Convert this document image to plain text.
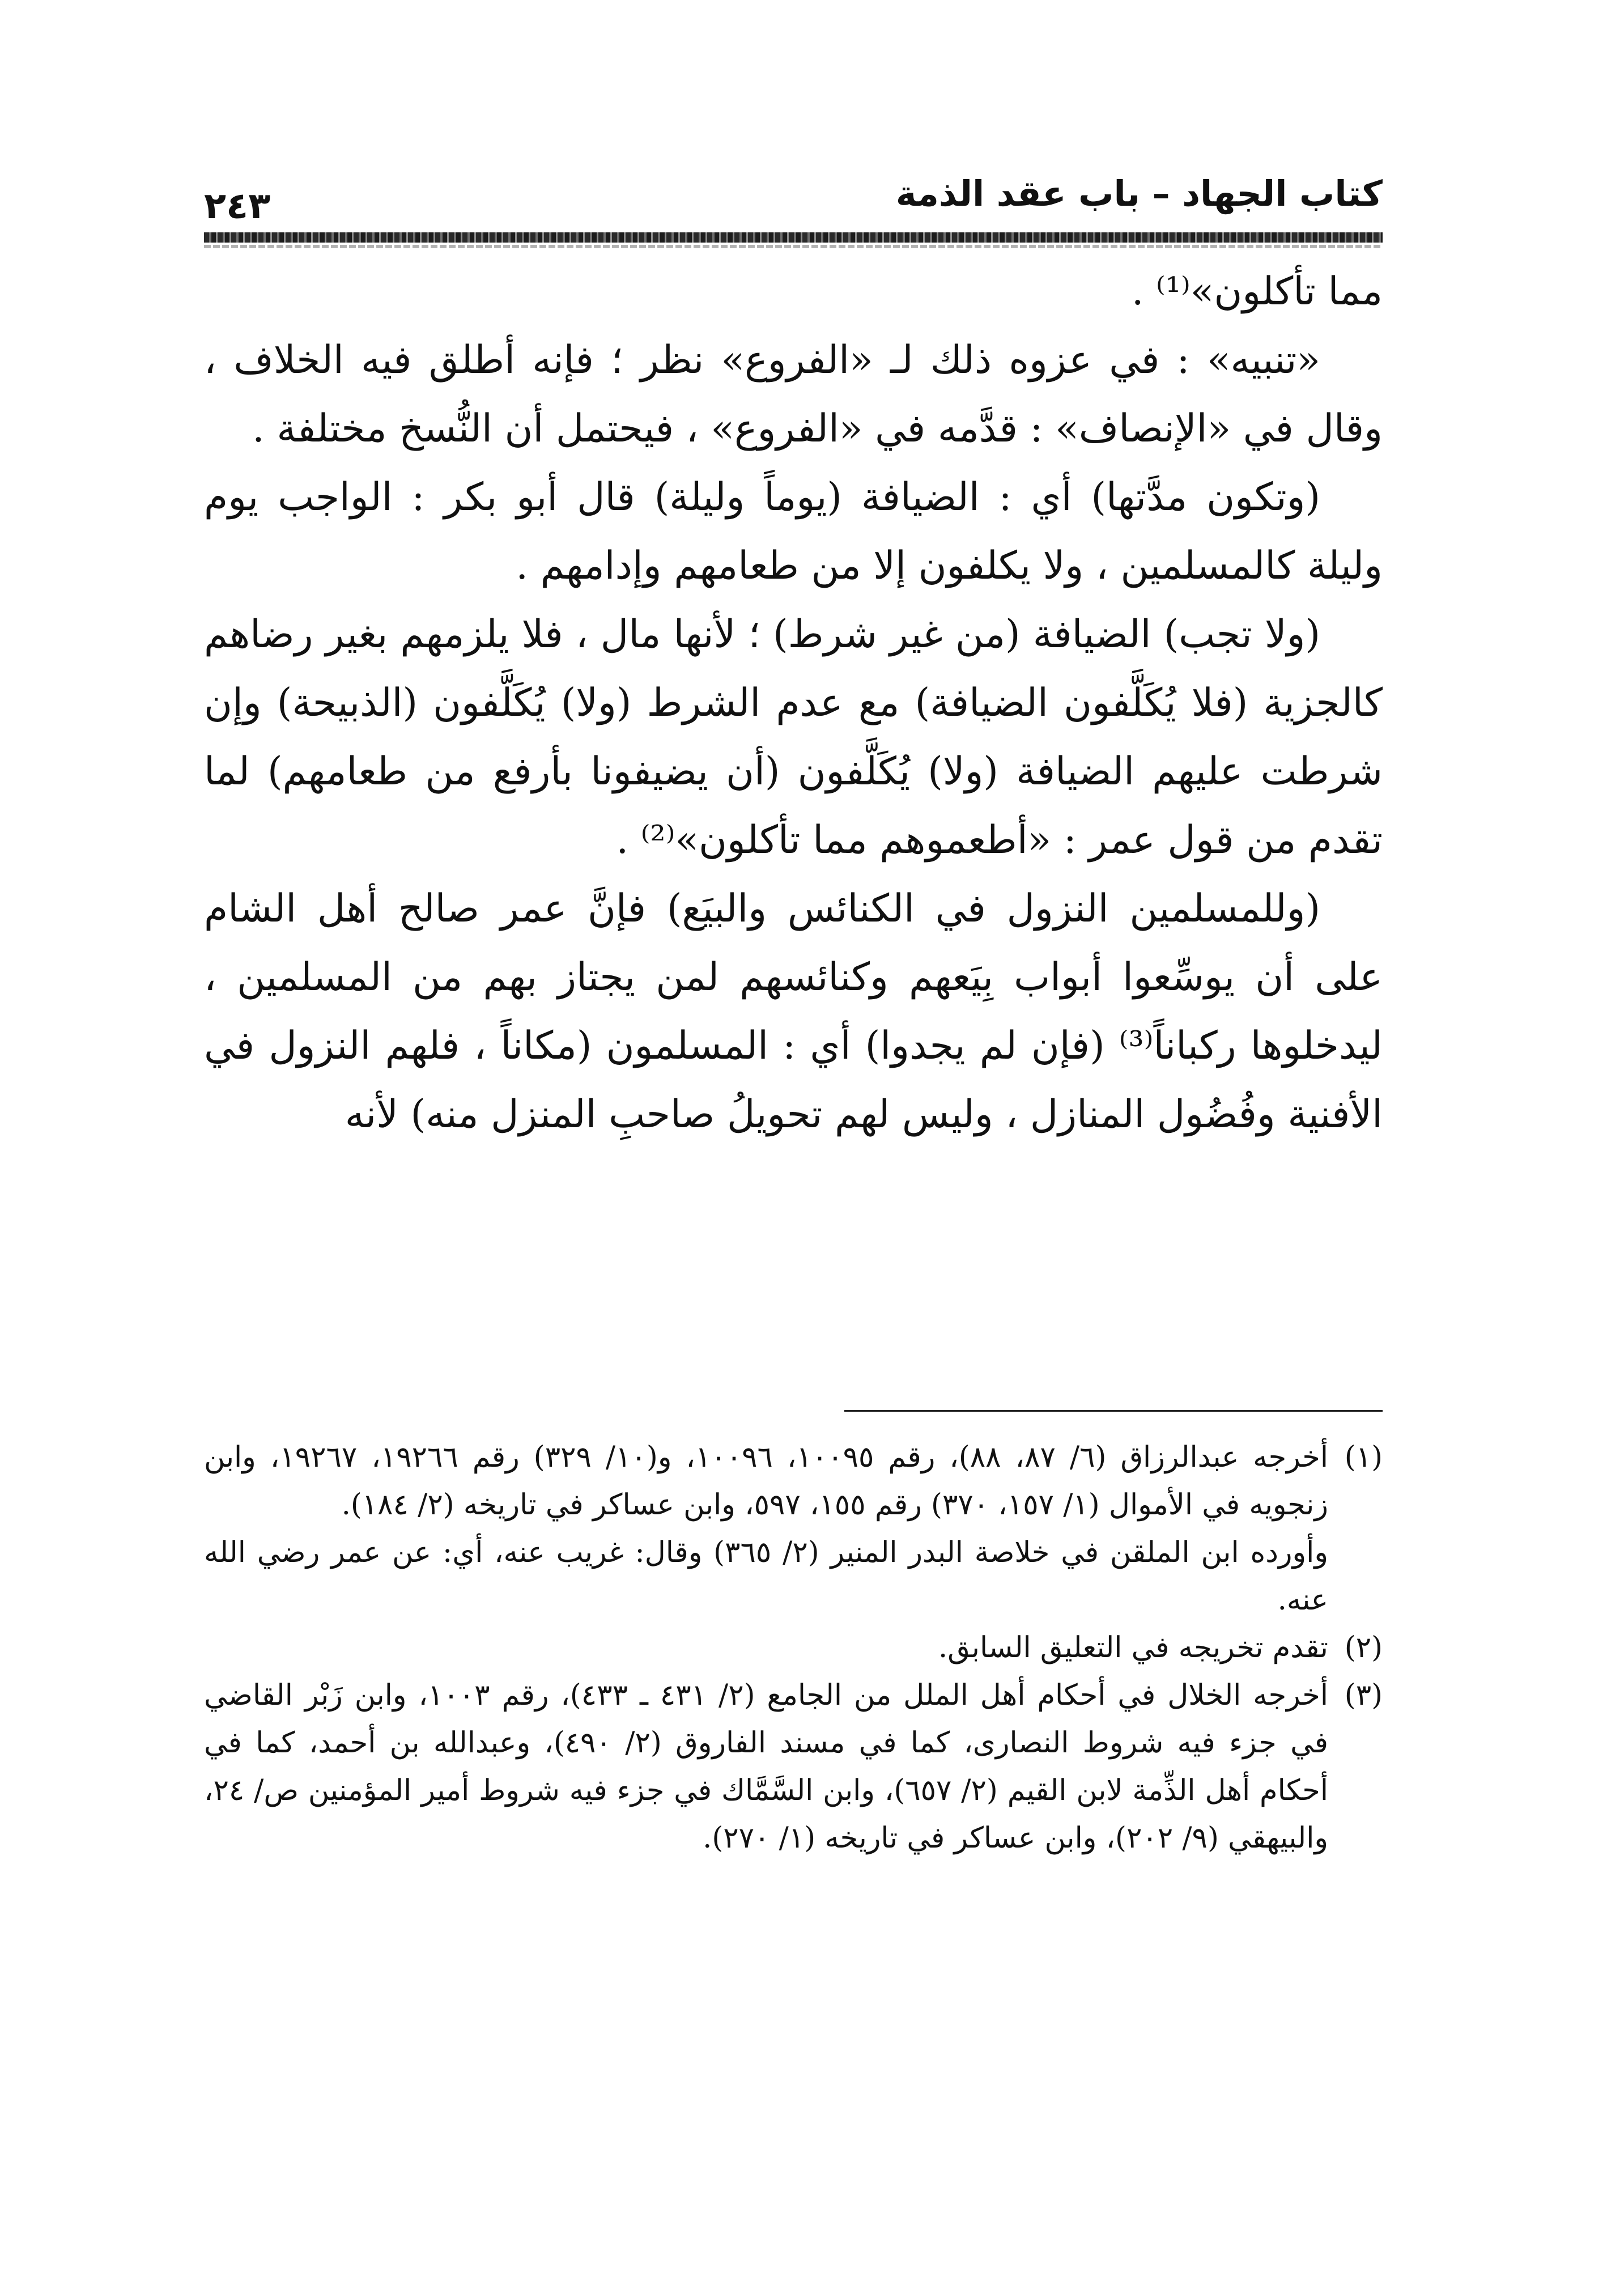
كتاب الجهاد – باب عقد الذمة
٢٤٣

مما تأكلون»⁽¹⁾ .

«تنبيه» : في عزوه ذلك لـ «الفروع» نظر ؛ فإنه أطلق فيه الخلاف ، وقال في «الإنصاف» : قدَّمه في «الفروع» ، فيحتمل أن النُّسخ مختلفة .

(وتكون مدَّتها) أي : الضيافة (يوماً وليلة) قال أبو بكر : الواجب يوم وليلة كالمسلمين ، ولا يكلفون إلا من طعامهم وإدامهم .

(ولا تجب) الضيافة (من غير شرط) ؛ لأنها مال ، فلا يلزمهم بغير رضاهم كالجزية (فلا يُكَلَّفون الضيافة) مع عدم الشرط (ولا) يُكَلَّفون (الذبيحة) وإن شرطت عليهم الضيافة (ولا) يُكَلَّفون (أن يضيفونا بأرفع من طعامهم) لما تقدم من قول عمر : «أطعموهم مما تأكلون»⁽²⁾ .

(وللمسلمين النزول في الكنائس والبيَع) فإنَّ عمر صالح أهل الشام على أن يوسِّعوا أبواب بِيَعهم وكنائسهم لمن يجتاز بهم من المسلمين ، ليدخلوها ركباناً⁽³⁾ (فإن لم يجدوا) أي : المسلمون (مكاناً ، فلهم النزول في الأفنية وفُضُول المنازل ، وليس لهم تحويلُ صاحبِ المنزل منه) لأنه

(١)
أخرجه عبدالرزاق (٦/ ٨٧، ٨٨)، رقم ١٠٠٩٥، ١٠٠٩٦، و(١٠/ ٣٢٩) رقم ١٩٢٦٦، ١٩٢٦٧، وابن زنجويه في الأموال (١/ ١٥٧، ٣٧٠) رقم ١٥٥، ٥٩٧، وابن عساكر في تاريخه (٢/ ١٨٤).
وأورده ابن الملقن في خلاصة البدر المنير (٢/ ٣٦٥) وقال: غريب عنه، أي: عن عمر رضي الله عنه.
(٢)
تقدم تخريجه في التعليق السابق.
(٣)
أخرجه الخلال في أحكام أهل الملل من الجامع (٢/ ٤٣١ ـ ٤٣٣)، رقم ١٠٠٣، وابن زَبْر القاضي في جزء فيه شروط النصارى، كما في مسند الفاروق (٢/ ٤٩٠)، وعبدالله بن أحمد، كما في أحكام أهل الذِّمة لابن القيم (٢/ ٦٥٧)، وابن السَّمَّاك في جزء فيه شروط أمير المؤمنين ص/ ٢٤، والبيهقي (٩/ ٢٠٢)، وابن عساكر في تاريخه (١/ ٢٧٠).
